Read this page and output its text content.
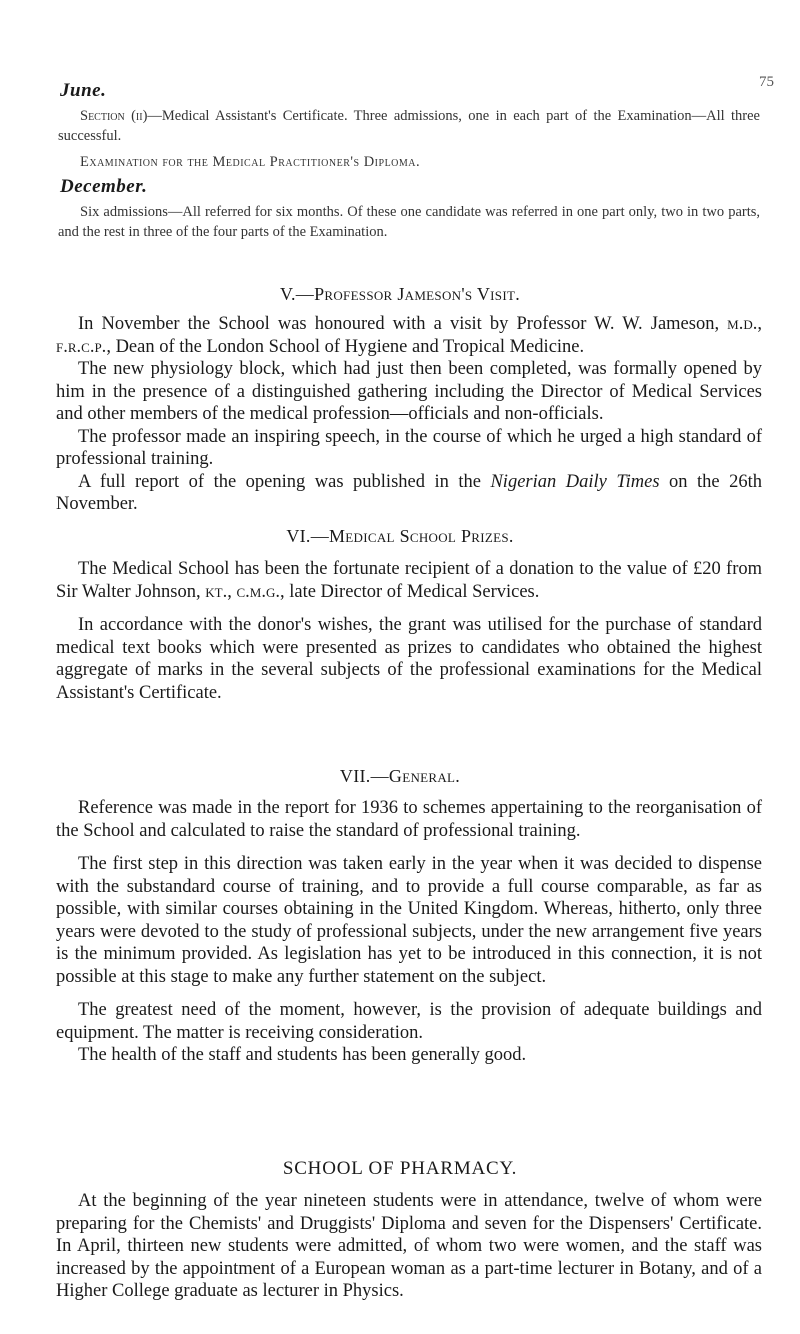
75
June.

Section (ii)—Medical Assistant's Certificate. Three admissions, one in each part of the Examination—All three successful.

Examination for the Medical Practitioner's Diploma.
December.

Six admissions—All referred for six months. Of these one candidate was referred in one part only, two in two parts, and the rest in three of the four parts of the Examination.

V.—Professor Jameson's Visit.

In November the School was honoured with a visit by Professor W. W. Jameson, m.d., f.r.c.p., Dean of the London School of Hygiene and Tropical Medicine.

The new physiology block, which had just then been completed, was formally opened by him in the presence of a distinguished gathering including the Director of Medical Services and other members of the medical profession—officials and non-officials.

The professor made an inspiring speech, in the course of which he urged a high standard of professional training.

A full report of the opening was published in the Nigerian Daily Times on the 26th November.

VI.—Medical School Prizes.

The Medical School has been the fortunate recipient of a donation to the value of £20 from Sir Walter Johnson, kt., c.m.g., late Director of Medical Services.

In accordance with the donor's wishes, the grant was utilised for the purchase of standard medical text books which were presented as prizes to candidates who obtained the highest aggregate of marks in the several subjects of the professional examinations for the Medical Assistant's Certificate.

VII.—General.

Reference was made in the report for 1936 to schemes appertaining to the reorganisation of the School and calculated to raise the standard of professional training.

The first step in this direction was taken early in the year when it was decided to dispense with the substandard course of training, and to provide a full course comparable, as far as possible, with similar courses obtaining in the United Kingdom. Whereas, hitherto, only three years were devoted to the study of professional subjects, under the new arrangement five years is the minimum provided. As legislation has yet to be introduced in this connection, it is not possible at this stage to make any further statement on the subject.

The greatest need of the moment, however, is the provision of adequate buildings and equipment. The matter is receiving consideration.

The health of the staff and students has been generally good.

SCHOOL OF PHARMACY.

At the beginning of the year nineteen students were in attendance, twelve of whom were preparing for the Chemists' and Druggists' Diploma and seven for the Dispensers' Certificate. In April, thirteen new students were admitted, of whom two were women, and the staff was increased by the appointment of a European woman as a part-time lecturer in Botany, and of a Higher College graduate as lecturer in Physics.
